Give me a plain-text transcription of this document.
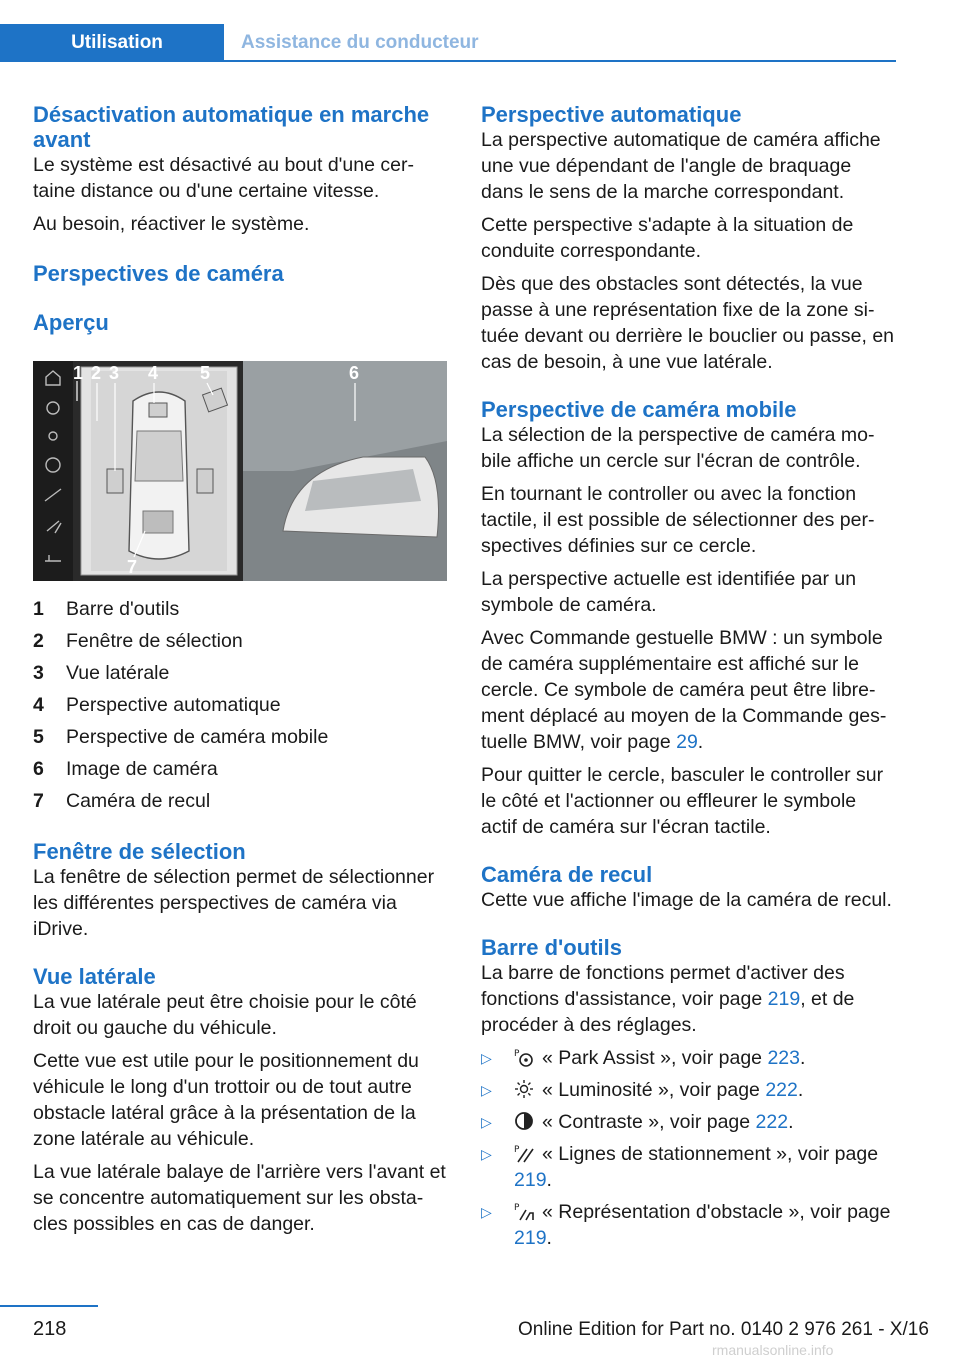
Utilisation	Assistance du conducteur
Désactivation automatique en marche avant

Le système est désactivé au bout d'une certaine distance ou d'une certaine vitesse.

Au besoin, réactiver le système.

Perspectives de caméra
Aperçu
1 2 3 4 5	6
7
1	Barre d'outils
2	Fenêtre de sélection
3	Vue latérale
4	Perspective automatique
5	Perspective de caméra mobile
6	Image de caméra
7	Caméra de recul
Fenêtre de sélection

La fenêtre de sélection permet de sélectionner les différentes perspectives de caméra via iDrive.

Vue latérale

La vue latérale peut être choisie pour le côté droit ou gauche du véhicule.

Cette vue est utile pour le positionnement du véhicule le long d'un trottoir ou de tout autre obstacle latéral grâce à la présentation de la zone latérale au véhicule.

La vue latérale balaye de l'arrière vers l'avant et se concentre automatiquement sur les obstacles possibles en cas de danger.

Perspective automatique

La perspective automatique de caméra affiche une vue dépendant de l'angle de braquage dans le sens de la marche correspondant.

Cette perspective s'adapte à la situation de conduite correspondante.

Dès que des obstacles sont détectés, la vue passe à une représentation fixe de la zone située devant ou derrière le bouclier ou passe, en cas de besoin, à une vue latérale.

Perspective de caméra mobile

La sélection de la perspective de caméra mobile affiche un cercle sur l'écran de contrôle.

En tournant le controller ou avec la fonction tactile, il est possible de sélectionner des perspectives définies sur ce cercle.

La perspective actuelle est identifiée par un symbole de caméra.

Avec Commande gestuelle BMW : un symbole de caméra supplémentaire est affiché sur le cercle. Ce symbole de caméra peut être librement déplacé au moyen de la Commande gestuelle BMW, voir page 29.

Pour quitter le cercle, basculer le controller sur le côté et l'actionner ou effleurer le symbole actif de caméra sur l'écran tactile.

Caméra de recul

Cette vue affiche l'image de la caméra de recul.

Barre d'outils

La barre de fonctions permet d'activer des fonctions d'assistance, voir page 219, et de procéder à des réglages.

▷	P « Park Assist », voir page 223.
▷	« Luminosité », voir page 222.
▷	« Contraste », voir page 222.
▷	P « Lignes de stationnement », voir page 219.
▷	P « Représentation d'obstacle », voir page 219.
218	Online Edition for Part no. 0140 2 976 261 - X/16
rmanualsonline.info
